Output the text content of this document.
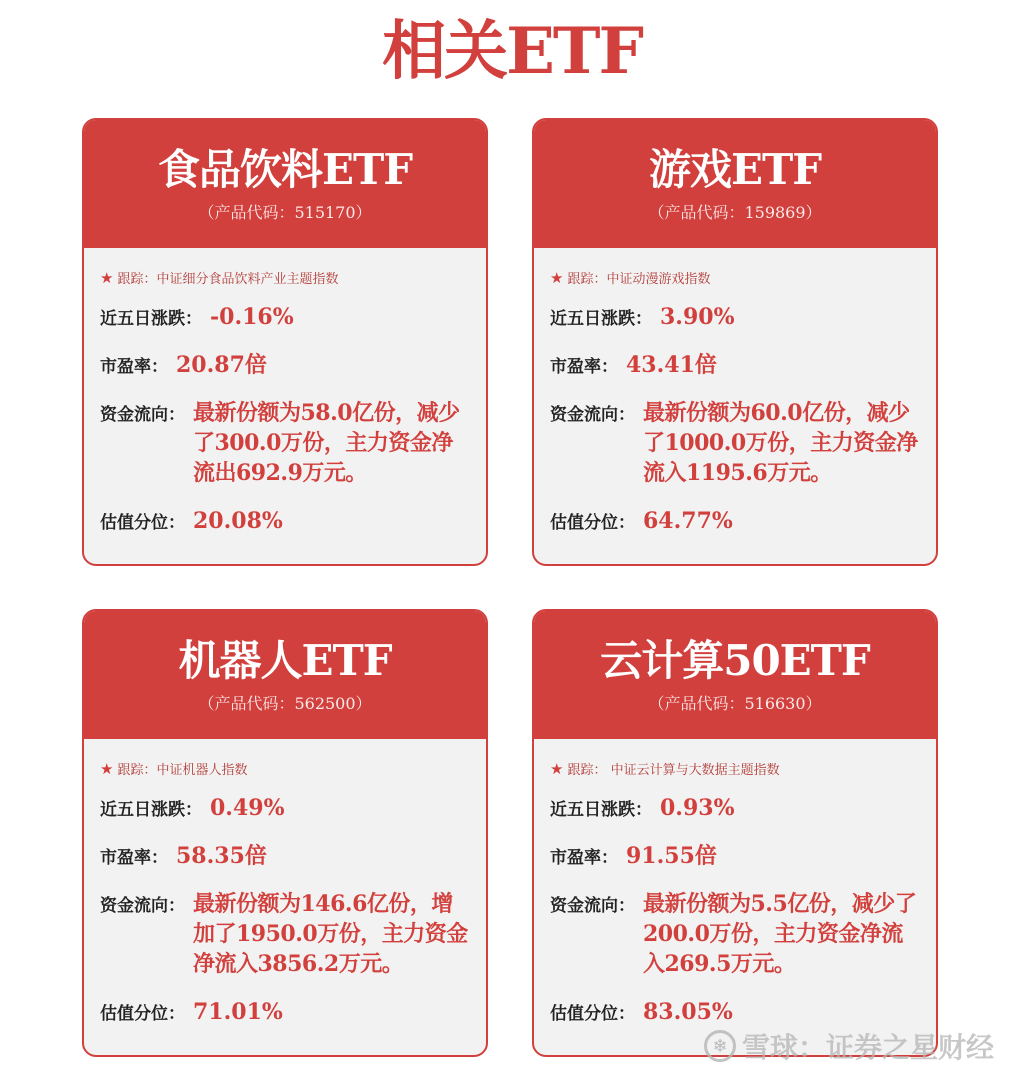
相关ETF
食品饮料ETF
（产品代码：515170）
★ 跟踪：中证细分食品饮料产业主题指数
近五日涨跌： -0.16%
市盈率： 20.87倍
资金流向： 最新份额为58.0亿份，减少了300.0万份，主力资金净流出692.9万元。
估值分位： 20.08%
游戏ETF
（产品代码：159869）
★ 跟踪：中证动漫游戏指数
近五日涨跌： 3.90%
市盈率： 43.41倍
资金流向： 最新份额为60.0亿份，减少了1000.0万份，主力资金净流入1195.6万元。
估值分位： 64.77%
机器人ETF
（产品代码：562500）
★ 跟踪：中证机器人指数
近五日涨跌： 0.49%
市盈率： 58.35倍
资金流向： 最新份额为146.6亿份，增加了1950.0万份，主力资金净流入3856.2万元。
估值分位： 71.01%
云计算50ETF
（产品代码：516630）
★ 跟踪： 中证云计算与大数据主题指数
近五日涨跌： 0.93%
市盈率： 91.55倍
资金流向： 最新份额为5.5亿份，减少了200.0万份，主力资金净流入269.5万元。
估值分位： 83.05%
❄ 雪球：证券之星财经
